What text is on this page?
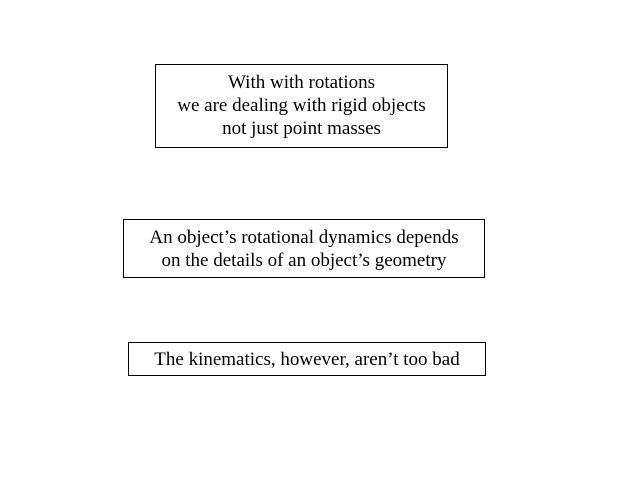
With with rotations
we are dealing with rigid objects
not just point masses
An object’s rotational dynamics depends
on the details of an object’s geometry
The kinematics, however, aren’t too bad
